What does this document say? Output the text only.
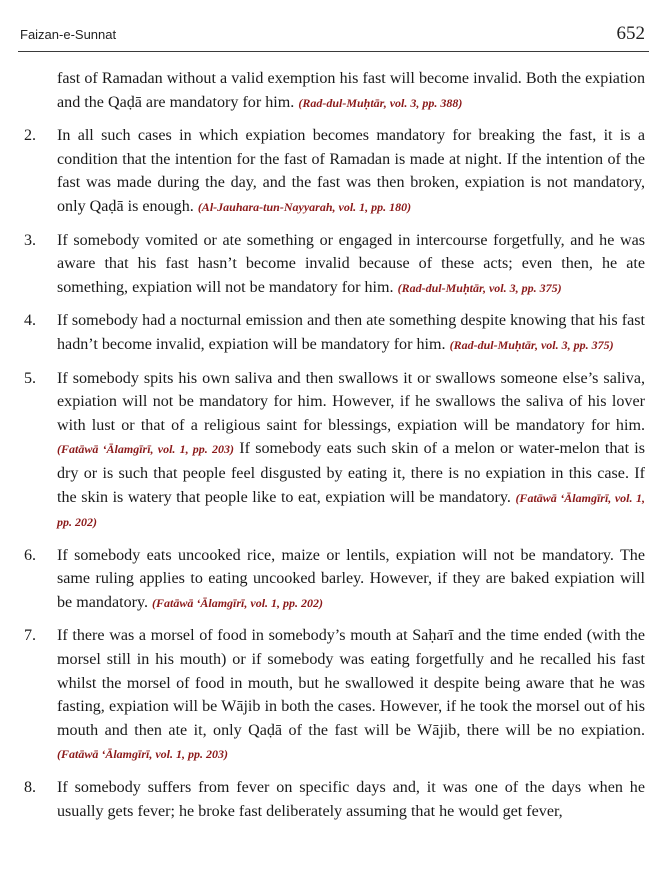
Faizan-e-Sunnat	652

fast of Ramadan without a valid exemption his fast will become invalid. Both the expiation and the Qaḍā are mandatory for him. (Rad-dul-Muḥtār, vol. 3, pp. 388)

2. In all such cases in which expiation becomes mandatory for breaking the fast, it is a condition that the intention for the fast of Ramadan is made at night. If the intention of the fast was made during the day, and the fast was then broken, expiation is not mandatory, only Qaḍā is enough. (Al-Jauhara-tun-Nayyarah, vol. 1, pp. 180)

3. If somebody vomited or ate something or engaged in intercourse forgetfully, and he was aware that his fast hasn’t become invalid because of these acts; even then, he ate something, expiation will not be mandatory for him. (Rad-dul-Muḥtār, vol. 3, pp. 375)

4. If somebody had a nocturnal emission and then ate something despite knowing that his fast hadn’t become invalid, expiation will be mandatory for him. (Rad-dul-Muḥtār, vol. 3, pp. 375)

5. If somebody spits his own saliva and then swallows it or swallows someone else’s saliva, expiation will not be mandatory for him. However, if he swallows the saliva of his lover with lust or that of a religious saint for blessings, expiation will be mandatory for him. (Fatāwā ‘Ālamgīrī, vol. 1, pp. 203) If somebody eats such skin of a melon or water-melon that is dry or is such that people feel disgusted by eating it, there is no expiation in this case. If the skin is watery that people like to eat, expiation will be mandatory. (Fatāwā ‘Ālamgīrī, vol. 1, pp. 202)

6. If somebody eats uncooked rice, maize or lentils, expiation will not be mandatory. The same ruling applies to eating uncooked barley. However, if they are baked expiation will be mandatory. (Fatāwā ‘Ālamgīrī, vol. 1, pp. 202)

7. If there was a morsel of food in somebody’s mouth at Saḥarī and the time ended (with the morsel still in his mouth) or if somebody was eating forgetfully and he recalled his fast whilst the morsel of food in mouth, but he swallowed it despite being aware that he was fasting, expiation will be Wājib in both the cases. However, if he took the morsel out of his mouth and then ate it, only Qaḍā of the fast will be Wājib, there will be no expiation. (Fatāwā ‘Ālamgīrī, vol. 1, pp. 203)

8. If somebody suffers from fever on specific days and, it was one of the days when he usually gets fever; he broke fast deliberately assuming that he would get fever,
